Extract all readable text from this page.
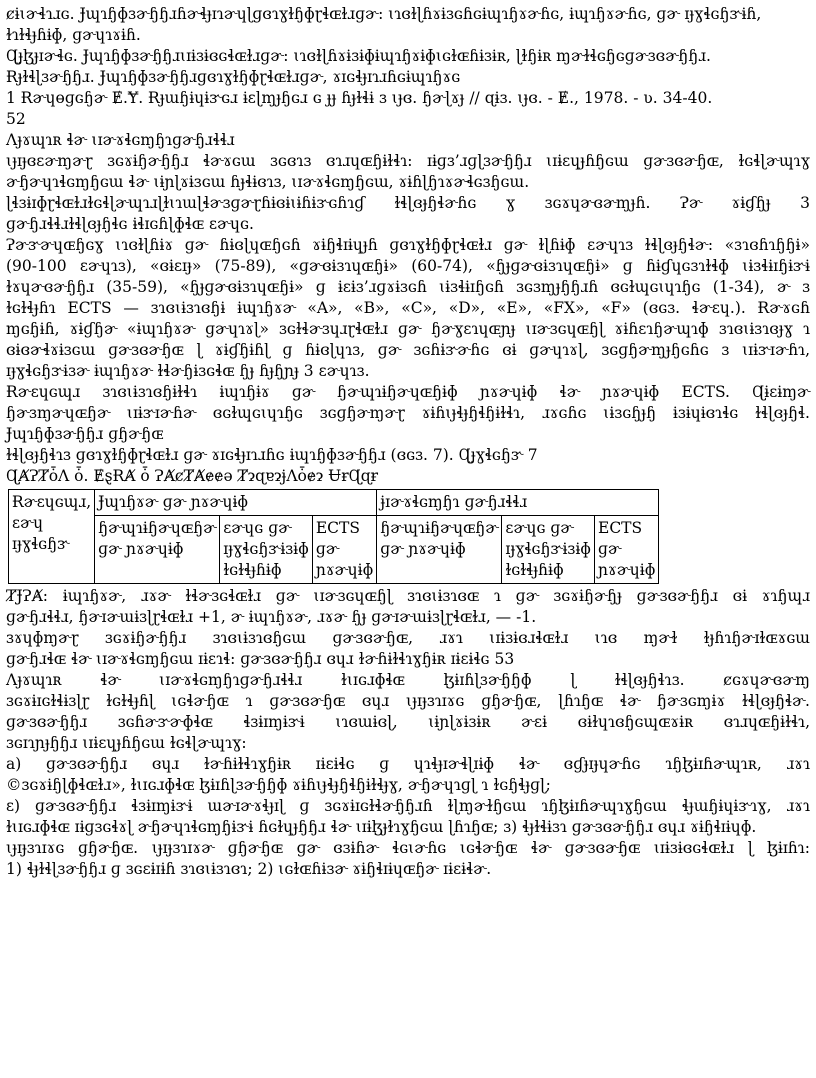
ȼɨɩɚɬɿɹɢ. Ɉɰɿɧɸɜɚɧɧɹɦɚɬɟɪɿɚɥɭɡɞɿɣɫɧɸɽɬɶɫɹɡɚ: ɩɿɞɫɭɦɤɨɜɢɦɢɨɰɿɧɤɚɦɢ, ɨɰɿɧɤɚɦɢ, ɡɚ ɪɟɣɬɢɧɝɨɦ,

ɫɿɫɬɟɦɨɸ, ɡɚɥɿɤɨɦ.

Ɋɟɮɟɪɚɬɢ. Ɉɰɿɧɸɜɚɧɧɹɩɪɨɜɨɞɢɬɶɫɹɡɚ: ɩɿɞɫɭɦɤɨɜɨɸɨɰɿɧɤɨɸɩɢɫɶɦɨɜɨʀ, ɭɫɧɨʀ ɱɚɫɬɢɧɢɡɚɜɞɚɧɧɹ.

Ɍɟɫɬɭɜɚɧɧɹ. Ɉɰɿɧɸɜɚɧɧɹɡɞɿɣɫɧɸɽɬɶɫɹɡɚ, ɤɪɢɬɟɪɿɹɦɢɨɰɿɧɤɢ

1 Ɍɚɥɵɡɢɧɚ Ɇ.Ɏ. Ɍɟɯɧɨɥɨɝɢɹ ɨɛɭɱɟɧɢɹ ɢ ɟɟ ɦɟɫɬɨ ɜ ɩɟɞ. ɧɚɭɤɟ // ɋɨɜ. ɩɟɞ. - Ɇ., 1978. - ʋ. 34-40.

52

Ʌɟɤɰɿʀ ɬɚ ɩɪɚɤɬɢɱɧɿɡɚɧɹɬɬɹ

ɩɟɪɟɞɛɚɱɚɽ ɜɢɤɨɧɚɧɧɹ ɬɚɤɢɯ ɜɢɞɿɜ ɞɿɹɥɶɧɨɫɬɿ: ɪɨɡɜ’ɹɡɭɜɚɧɧɹ ɩɪɨɛɥɟɦɧɢɯ ɡɚɜɞɚɧɶ, ɫɢɬɭɚɰɿɣ

ɚɧɚɥɿɬɢɱɧɢɯ ɬɚ ɩɨɲɭɤɨɜɢɯ ɦɟɬɨɞɿɜ, ɩɪɚɤɬɢɱɧɢɯ, ɤɨɦɭɧɿɤɚɬɢɜɧɢɯ.

ɭɬɜɨɪɸɽɬɶɫɹɫɢɬɭɚɰɿɹɭɫɩɿɯɭɬɚɜɡɚɽɦɨɞɨɩɨɦɨɝɢɦɿɠ ɫɬɭɞɟɧɬɚɦɢ ɣ ɜɢɤɥɚɞɚɱɟɦ. Ɂɚ ɤɨɠɧɟ 3

ɡɚɧɹɬɬɹɫɬɭɞɟɧɬɢ ɨɬɪɢɦɭɸɬɶ ɛɚɥɢ.

Ɂɚɝɚɥɶɧɢɣ ɩɿɞɫɭɦɨɤ ɡɚ ɦɨɞɭɥɶɧɢɦ ɤɨɧɬɪɨɥɟɦ ɡɞɿɣɫɧɸɽɬɶɫɹ ɡɚ ɫɭɦɨɸ ɛɚɥɿɜ ɫɬɭɞɟɧɬɚ: «ɜɿɞɦɿɧɧɨ»

(90-100 ɛɚɥɿɜ), «ɞɨɛɪɟ» (75-89), «ɡɚɞɨɜɿɥɶɧɨ» (60-74), «ɧɟɡɚɞɨɜɿɥɶɧɨ» ɡ ɦɨɠɥɢɜɿɫɬɸ ɩɨɜɬɨɪɧɨɝɨ

ɫɤɥɚɞɚɧɧɹ (35-59), «ɧɟɡɚɞɨɜɿɥɶɧɨ» ɡ ɨɛɨɜ’ɹɡɤɨɜɢɦ ɩɨɜɬɨɪɧɢɦ ɜɢɜɱɟɧɧɹɦ ɞɢɫɰɢɩɥɿɧɢ (1-34), ɚ ɜ

ɫɢɫɬɟɦɿ ECTS — ɜɿɞɩɨɜɿɞɧɨ ɨɰɿɧɤɚ «A», «B», «C», «D», «E», «FX», «F» (ɞɢɜ. ɬɚɛɥ.). Ɍɚɤɢɦ

ɱɢɧɨɦ, ɤɨɠɧɚ «ɨɰɿɧɤɚ ɡɚɥɿɤɭ» ɜɢɫɬɚɜɥɹɽɬɶɫɹ ɡɚ ɧɚɣɛɿɥɶɲɟ ɩɪɚɜɢɥɶɧɭ ɤɨɦɛɿɧɚɰɿɸ ɜɿɞɩɨɜɿɞɟɣ ɿ

ɞɨɞɚɬɤɨɜɢɯ ɡɚɜɞɚɧɶ ɭ ɤɨɠɧɨɦɭ ɡ ɦɨɞɭɥɿɜ, ɡɚ ɜɢɦɨɝɚɦɢ ɞɨ ɡɚɥɿɤɭ, ɜɢɡɧɚɱɟɧɢɦɢ ɜ ɩɪɨɝɪɚɦɿ,

ɪɟɣɬɢɧɝɨɜɚ ɨɰɿɧɤɚ ɫɬɚɧɨɜɢɬɶ ɧɟ ɦɟɧɲɟ 3 ɛɚɥɿɜ.

Ɍɚɛɥɢɰɹ ɜɿɞɩɨɜɿɞɧɨɫɬɿ ɨɰɿɧɨɤ ɡɚ ɧɚɰɿɨɧɚɥɶɧɨɸ ɲɤɚɥɨɸ ɬɚ ɲɤɚɥɨɸ ECTS. Ɋɨɛɨɱɚ

ɧɚɜɱɚɥɶɧɚ ɩɪɨɝɪɚɦɚ ɞɢɫɰɢɩɥɿɧɢ ɜɢɡɧɚɱɚɽ ɤɨɦɩɟɬɟɧɬɧɨɫɬɿ, ɹɤɢɦɢ ɩɨɜɢɧɟɧ ɨɜɨɥɨɞɿɬɢ ɫɬɭɞɟɧɬ.

Ɉɰɿɧɸɜɚɧɧɹ ɡɧɚɧɶ

ɫɬɭɞɟɧɬɿɜ ɡɞɿɣɫɧɸɽɬɶɫɹ ɡɚ ɤɪɢɬɟɪɿɹɦɢ ɨɰɿɧɸɜɚɧɧɹ (ɞɢɜ. 7). Ɋɟɣɬɢɧɝ 7

ɊȺɁȾȱɅ ȱ. ɆȿɌȺ ȱ ɁȺȼȾȺɇɇə ȾɂɋɐɂɉɅȱɇɂ ɄɍɊɋɍ

Ɍɚɛɥɢɰɹ, ɛɚɥ ɪɟɣɬɢɧɝ	Ɉɰɿɧɤɚ ɡɚ ɲɤɚɥɨɸ			ɉɪɚɤɬɢɱɧɿ ɡɚɧɹɬɬɹ		
	ɧɚɰɿɨɧɚɥɶɧɚ ɡɚ ɲɤɚɥɨɸ	ɛɚɥɢ ɡɚ ɪɟɣɬɢɧɝɨɜɨɸ ɫɢɫɬɟɦɨɸ	ECTS ɡɚ ɲɤɚɥɨɸ	ɧɚɰɿɨɧɚɥɶɧɚ ɡɚ ɲɤɚɥɨɸ	ɛɚɥɢ ɡɚ ɪɟɣɬɢɧɝɨɜɨɸ ɫɢɫɬɟɦɨɸ	ECTS ɡɚ ɲɤɚɥɨɸ

ȾɈɁȺ: ɨɰɿɧɤɚ, ɹɤɚ ɫɬɚɜɢɬɶɫɹ ɡɚ ɩɪɚɜɢɥɶɧɭ ɜɿɞɩɨɜɿɞɶ ɿ ɡɚ ɜɢɤɨɧɚɧɟ ɡɚɜɞɚɧɧɹ ɞɨ ɤɿɧɰɹ

ɡɚɧɹɬɬɹ, ɧɚɪɚɯɨɜɭɽɬɶɫɹ +1, ɚ ɨɰɿɧɤɚ, ɹɤɚ ɧɟ ɡɚɪɚɯɨɜɭɽɬɶɫɹ, — -1.

ɜɤɥɸɱɚɽ ɜɢɤɨɧɚɧɧɹ ɜɿɞɩɨɜɿɞɧɢɯ ɡɚɜɞɚɧɶ, ɹɤɿ ɩɪɨɜɨɞɹɬɶɫɹ ɩɿɞ ɱɚɫ ɫɟɦɿɧɚɪɫɶɤɢɯ

ɡɚɧɹɬɶ ɬɚ ɩɪɚɤɬɢɱɧɢɯ ɪɨɛɿɬ: ɡɚɜɞɚɧɧɹ ɞɥɹ ɫɚɦɨɫɬɿɣɧɨʀ ɪɨɛɨɬɢ 53

Ʌɟɤɰɿʀ ɬɚ ɩɪɚɤɬɢɱɧɿɡɚɧɹɬɬɹ ɫɩɪɢɹɸɬɶ ɮɨɪɦɭɜɚɧɧɸ ɭ ɫɬɭɞɟɧɬɿɜ. ȼɢɤɥɚɞɚɱ

ɜɢɤɨɪɢɫɬɨɜɭɽ ɫɢɫɬɟɦɭ ɩɢɬɚɧɶ ɿ ɡɚɜɞɚɧɶ ɞɥɹ ɩɟɪɟɜɿɪɤɢ ɡɧɚɧɶ, ɭɦɿɧɶ ɬɚ ɧɚɜɢɱɨɤ ɫɬɭɞɟɧɬɚ.

ɡɚɜɞɚɧɧɹ ɜɢɦɚɝɚɸɬɶ ɬɜɨɪɱɨɝɨ ɩɿɞɯɨɞɭ, ɩɨɲɭɤɨɜɨʀ ɚɛɨ ɞɨɫɥɿɞɧɢɰɶɤɨʀ ɞɿɹɥɶɧɨɫɬɿ,

ɜɢɪɿɲɟɧɧɹ ɩɪɨɛɥɟɦɧɢɯ ɫɢɬɭɚɰɿɣ:

a) ɡɚɜɞɚɧɧɹ ɞɥɹ ɫɚɦɨɫɬɿɣɧɨʀ ɪɨɛɨɬɢ ɡ ɥɿɬɟɪɚɬɭɪɨɸ ɬɚ ɞɠɟɪɟɥɚɦɢ ɿɧɮɨɪɦɚɰɿʀ, ɹɤɿ

©ɜɢɤɨɧɭɸɬɶɫɹ», ɫɩɪɢɹɸɬɶ ɮɨɪɦɭɜɚɧɧɸ ɤɨɦɩɟɬɟɧɬɧɨɫɬɟɣ, ɚɧɚɥɿɡɭ ɿ ɫɢɧɬɟɡɭ;

ɛ) ɡɚɜɞɚɧɧɹ ɬɜɨɪɱɨɝɨ ɯɚɪɚɤɬɟɪɭ ɡ ɜɢɤɨɪɢɫɬɚɧɧɹɦ ɫɭɱɚɫɧɢɯ ɿɧɮɨɪɦɚɰɿɣɧɢɯ ɬɟɯɧɨɥɨɝɿɣ, ɹɤɿ

ɫɩɪɢɹɸɬɶ ɪɨɡɜɢɬɤɭ ɚɧɚɥɿɬɢɱɧɨɝɨ ɦɢɫɥɟɧɧɹ ɬɚ ɩɪɨɮɟɫɿɣɧɢɯ ɭɦɿɧɶ; ɜ) ɬɟɫɬɨɜɿ ɡɚɜɞɚɧɧɹ ɞɥɹ ɤɨɧɬɪɨɥɸ.

ɩɟɪɟɜɿɪɤɢ ɡɧɚɧɶ. ɩɟɪɟɜɿɪɤɚ ɡɧɚɧɶ ɡɚ ɞɜɨɦɚ ɬɢɩɚɦɢ ɩɢɬɚɧɶ ɬɚ ɡɚɜɞɚɧɶ ɩɪɨɜɨɞɢɬɶɫɹ ɭ ɮɨɪɦɿ:

1) ɬɟɫɬɭɜɚɧɧɹ ɡ ɜɢɛɨɪɨɦ ɜɿɞɩɨɜɿɞɿ; 2) ɩɢɫɶɦɨɜɚ ɤɨɧɬɪɨɥɶɧɚ ɪɨɛɨɬɚ.
